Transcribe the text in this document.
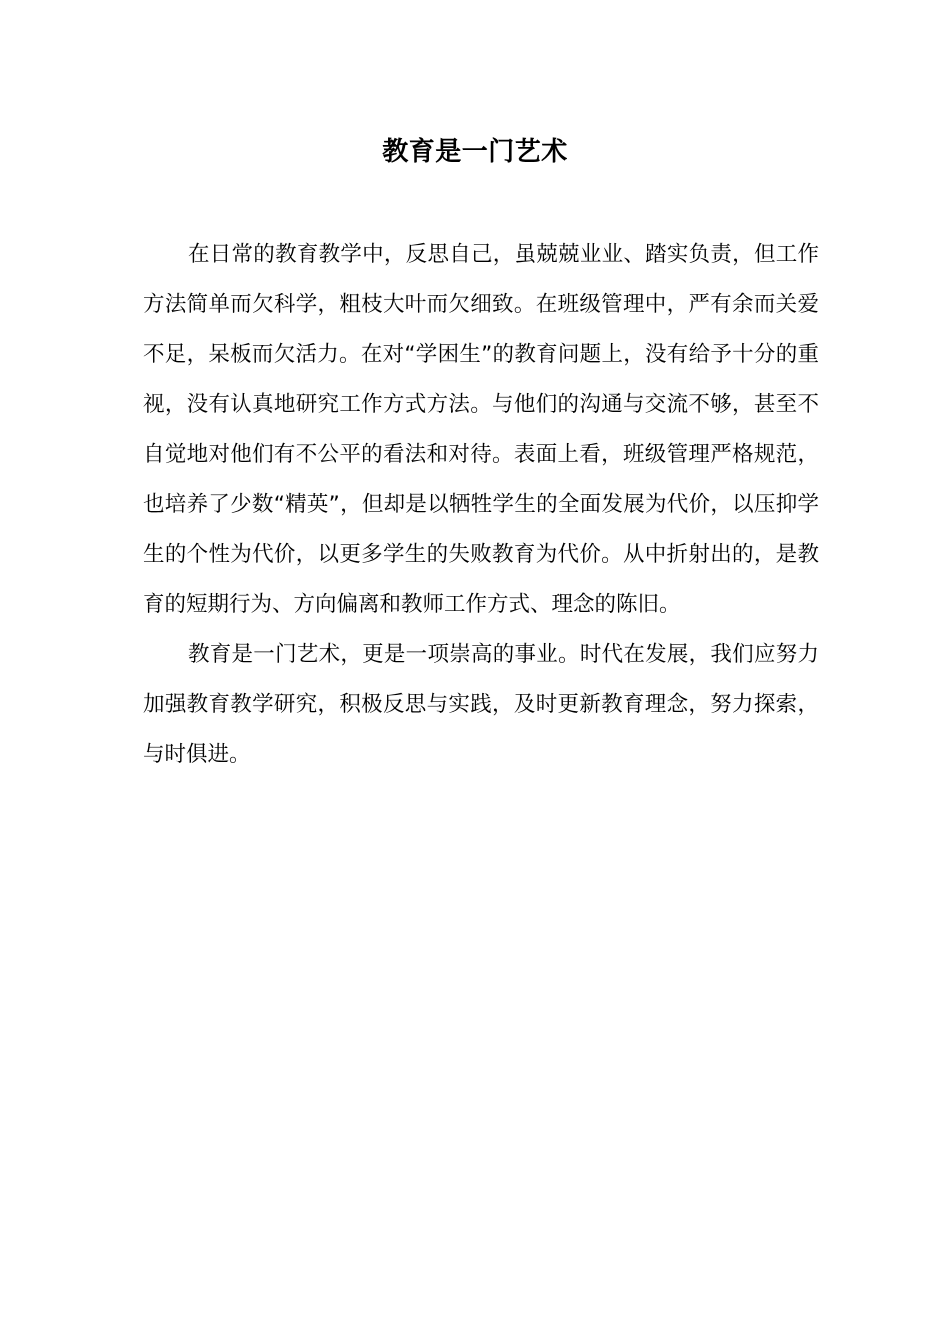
教育是一门艺术

在日常的教育教学中，反思自己，虽兢兢业业、踏实负责，但工作方法简单而欠科学，粗枝大叶而欠细致。在班级管理中，严有余而关爱不足，呆板而欠活力。在对“学困生”的教育问题上，没有给予十分的重视，没有认真地研究工作方式方法。与他们的沟通与交流不够，甚至不自觉地对他们有不公平的看法和对待。表面上看，班级管理严格规范，也培养了少数“精英”，但却是以牺牲学生的全面发展为代价，以压抑学生的个性为代价，以更多学生的失败教育为代价。从中折射出的，是教育的短期行为、方向偏离和教师工作方式、理念的陈旧。

教育是一门艺术，更是一项崇高的事业。时代在发展，我们应努力加强教育教学研究，积极反思与实践，及时更新教育理念，努力探索，与时俱进。
